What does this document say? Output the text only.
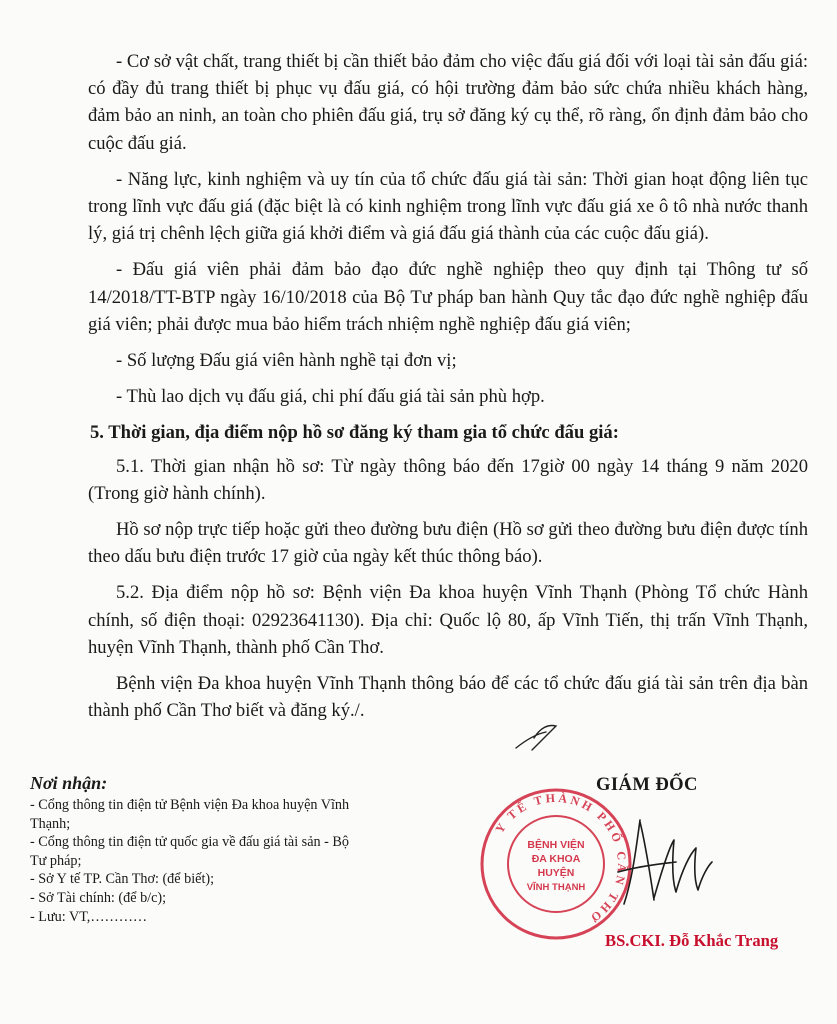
- Cơ sở vật chất, trang thiết bị cần thiết bảo đảm cho việc đấu giá đối với loại tài sản đấu giá: có đầy đủ trang thiết bị phục vụ đấu giá, có hội trường đảm bảo sức chứa nhiều khách hàng, đảm bảo an ninh, an toàn cho phiên đấu giá, trụ sở đăng ký cụ thể, rõ ràng, ổn định đảm bảo cho cuộc đấu giá.

- Năng lực, kinh nghiệm và uy tín của tổ chức đấu giá tài sản: Thời gian hoạt động liên tục trong lĩnh vực đấu giá (đặc biệt là có kinh nghiệm trong lĩnh vực đấu giá xe ô tô nhà nước thanh lý, giá trị chênh lệch giữa giá khởi điểm và giá đấu giá thành của các cuộc đấu giá).

- Đấu giá viên phải đảm bảo đạo đức nghề nghiệp theo quy định tại Thông tư số 14/2018/TT-BTP ngày 16/10/2018 của Bộ Tư pháp ban hành Quy tắc đạo đức nghề nghiệp đấu giá viên; phải được mua bảo hiểm trách nhiệm nghề nghiệp đấu giá viên;

- Số lượng Đấu giá viên hành nghề tại đơn vị;

- Thù lao dịch vụ đấu giá, chi phí đấu giá tài sản phù hợp.

5. Thời gian, địa điểm nộp hồ sơ đăng ký tham gia tổ chức đấu giá:

5.1. Thời gian nhận hồ sơ: Từ ngày thông báo đến 17giờ 00 ngày 14 tháng 9 năm 2020 (Trong giờ hành chính).

Hồ sơ nộp trực tiếp hoặc gửi theo đường bưu điện (Hồ sơ gửi theo đường bưu điện được tính theo dấu bưu điện trước 17 giờ của ngày kết thúc thông báo).

5.2. Địa điểm nộp hồ sơ: Bệnh viện Đa khoa huyện Vĩnh Thạnh (Phòng Tổ chức Hành chính, số điện thoại: 02923641130). Địa chỉ: Quốc lộ 80, ấp Vĩnh Tiến, thị trấn Vĩnh Thạnh, huyện Vĩnh Thạnh, thành phố Cần Thơ.

Bệnh viện Đa khoa huyện Vĩnh Thạnh thông báo để các tổ chức đấu giá tài sản trên địa bàn thành phố Cần Thơ biết và đăng ký./.

Nơi nhận:

- Cổng thông tin điện tử Bệnh viện Đa khoa huyện Vĩnh Thạnh;

- Cổng thông tin điện tử quốc gia về đấu giá tài sản - Bộ Tư pháp;

- Sở Y tế TP. Cần Thơ: (để biết);

- Sở Tài chính: (để b/c);

- Lưu: VT,…………

GIÁM ĐỐC
Y TẾ THÀNH PHỐ CẦN THƠ
BỆNH VIỆN
ĐA KHOA
HUYỆN
VĨNH THẠNH
BS.CKI. Đỗ Khắc Trang
